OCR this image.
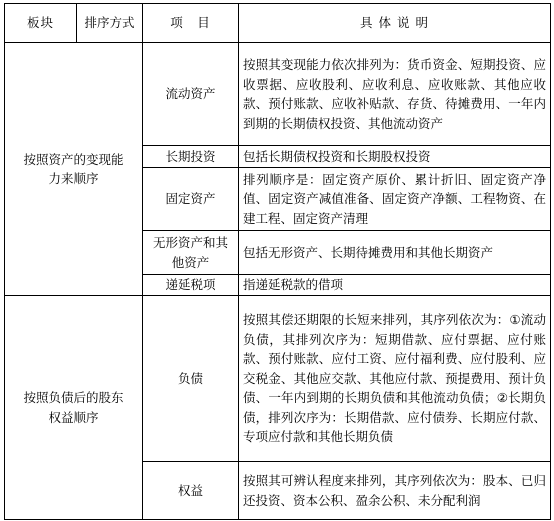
板块	排序方式	项　目	具 体 说 明

按照资产的变现能
力来顺序		流动资产	按照其变现能力依次排列为：货币资金、短期投资、应收票据、应收股利、应收利息、应收账款、其他应收款、预付账款、应收补贴款、存货、待摊费用、一年内到期的长期债权投资、其他流动资产
		长期投资	包括长期债权投资和长期股权投资
		固定资产	排列顺序是：固定资产原价、累计折旧、固定资产净值、固定资产减值准备、固定资产净额、工程物资、在建工程、固定资产清理

		无形资产和其
他资产	包括无形资产、长期待摊费用和其他长期资产
		递延税项	指递延税款的借项

按照负债后的股东
权益顺序		负债	按照其偿还期限的长短来排列，其序列依次为：①流动负债，其排列次序为：短期借款、应付票据、应付账款、预付账款、应付工资、应付福利费、应付股利、应交税金、其他应交款、其他应付款、预提费用、预计负债、一年内到期的长期负债和其他流动负债；②长期负债，排列次序为：长期借款、应付债券、长期应付款、专项应付款和其他长期负债
		权益	按照其可辨认程度来排列，其序列依次为：股本、已归还投资、资本公积、盈余公积、未分配利润
